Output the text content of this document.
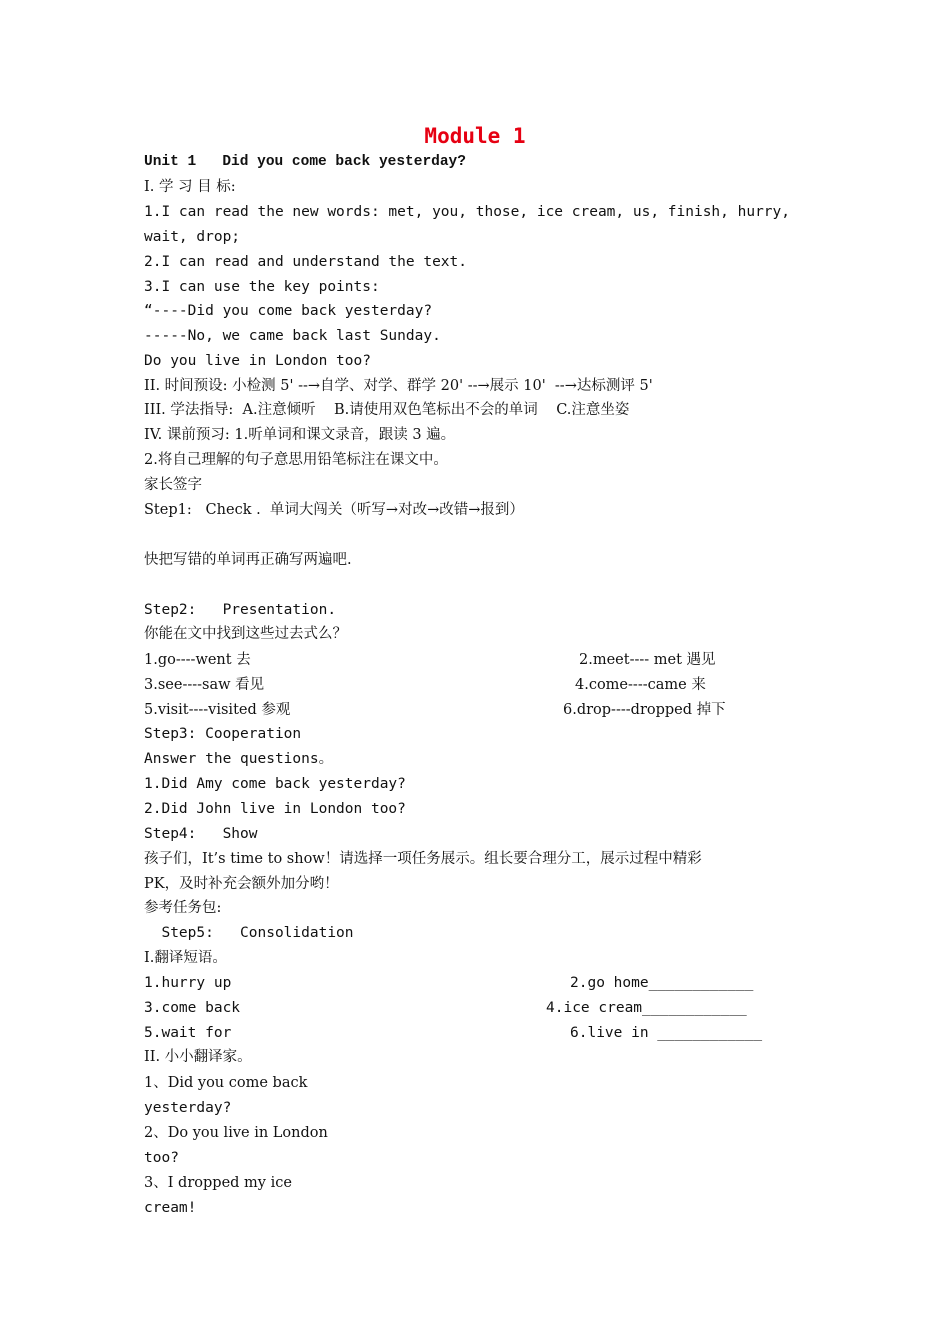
Module 1
Unit 1   Did you come back yesterday?
I. 学 习 目 标:
1.I can read the new words: met, you, those, ice cream, us, finish, hurry,
wait, drop;
2.I can read and understand the text.
3.I can use the key points:
“----Did you come back yesterday?
-----No, we came back last Sunday.
Do you live in London too?
II. 时间预设: 小检测 5' --→自学、对学、群学 20' --→展示 10'  --→达标测评 5'
III. 学法指导:  A.注意倾听    B.请使用双色笔标出不会的单词    C.注意坐姿
IV. 课前预习: 1.听单词和课文录音，跟读 3 遍。
2.将自己理解的句子意思用铅笔标注在课文中。
家长签字
Step1:   Check .  单词大闯关（听写→对改→改错→报到）
快把写错的单词再正确写两遍吧.
Step2:   Presentation.
你能在文中找到这些过去式么？
1.go----went 去	2.meet---- met 遇见
3.see----saw 看见	4.come----came 来
5.visit----visited 参观	6.drop----dropped 掉下
Step3: Cooperation
Answer the questions。
1.Did Amy come back yesterday?
2.Did John live in London too?
Step4:   Show
孩子们，It’s time to show！请选择一项任务展示。组长要合理分工，展示过程中精彩
PK，及时补充会额外加分哟！
参考任务包:
Step5:   Consolidation
I.翻译短语。
1.hurry up	2.go home____________
3.come back	4.ice cream____________
5.wait for	6.live in ____________
II. 小小翻译家。
1、Did you come back
yesterday?
2、Do you live in London
too?
3、I dropped my ice
cream!
